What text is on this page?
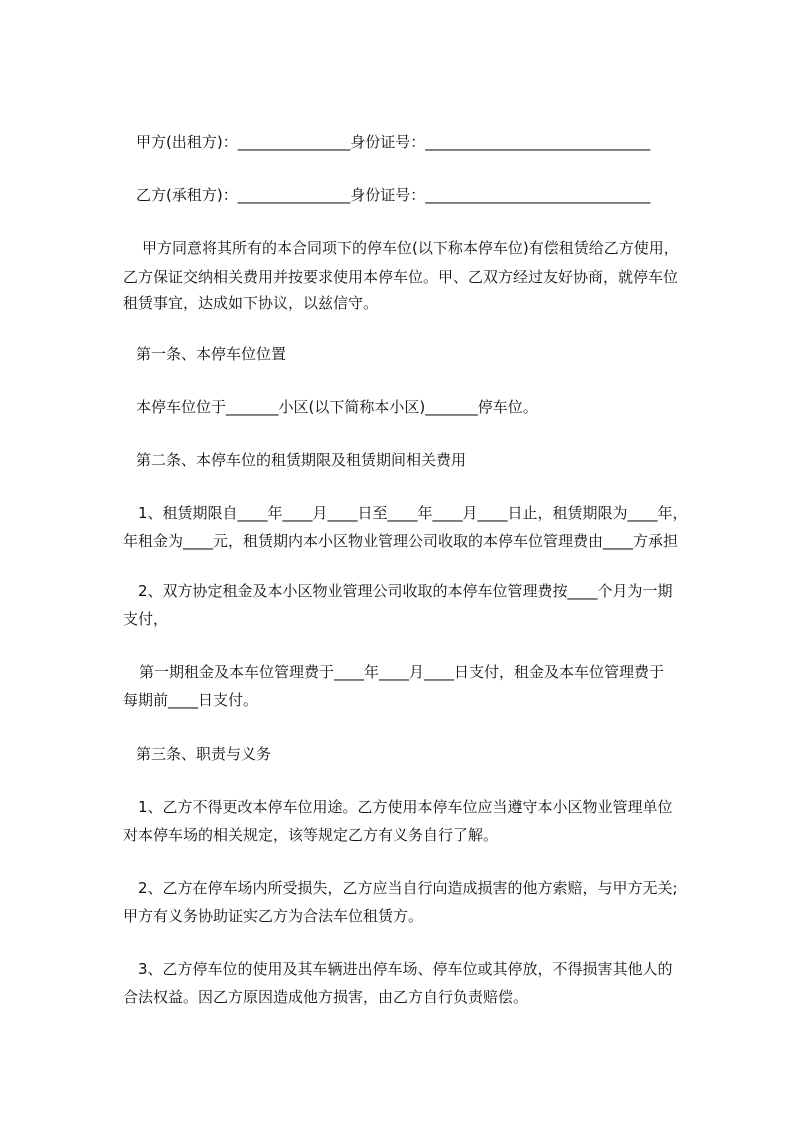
甲方(出租方)：_______________身份证号：______________________________

乙方(承租方)：_______________身份证号：______________________________

甲方同意将其所有的本合同项下的停车位(以下称本停车位)有偿租赁给乙方使用，

乙方保证交纳相关费用并按要求使用本停车位。甲、乙双方经过友好协商，就停车位

租赁事宜，达成如下协议，以兹信守。

第一条、本停车位位置

本停车位位于_______小区(以下简称本小区)_______停车位。

第二条、本停车位的租赁期限及租赁期间相关费用

1、租赁期限自____年____月____日至____年____月____日止，租赁期限为____年，

年租金为____元，租赁期内本小区物业管理公司收取的本停车位管理费由____方承担

2、双方协定租金及本小区物业管理公司收取的本停车位管理费按____个月为一期

支付，

第一期租金及本车位管理费于____年____月____日支付，租金及本车位管理费于

每期前____日支付。

第三条、职责与义务

1、乙方不得更改本停车位用途。乙方使用本停车位应当遵守本小区物业管理单位

对本停车场的相关规定，该等规定乙方有义务自行了解。

2、乙方在停车场内所受损失，乙方应当自行向造成损害的他方索赔，与甲方无关;

甲方有义务协助证实乙方为合法车位租赁方。

3、乙方停车位的使用及其车辆进出停车场、停车位或其停放，不得损害其他人的

合法权益。因乙方原因造成他方损害，由乙方自行负责赔偿。
